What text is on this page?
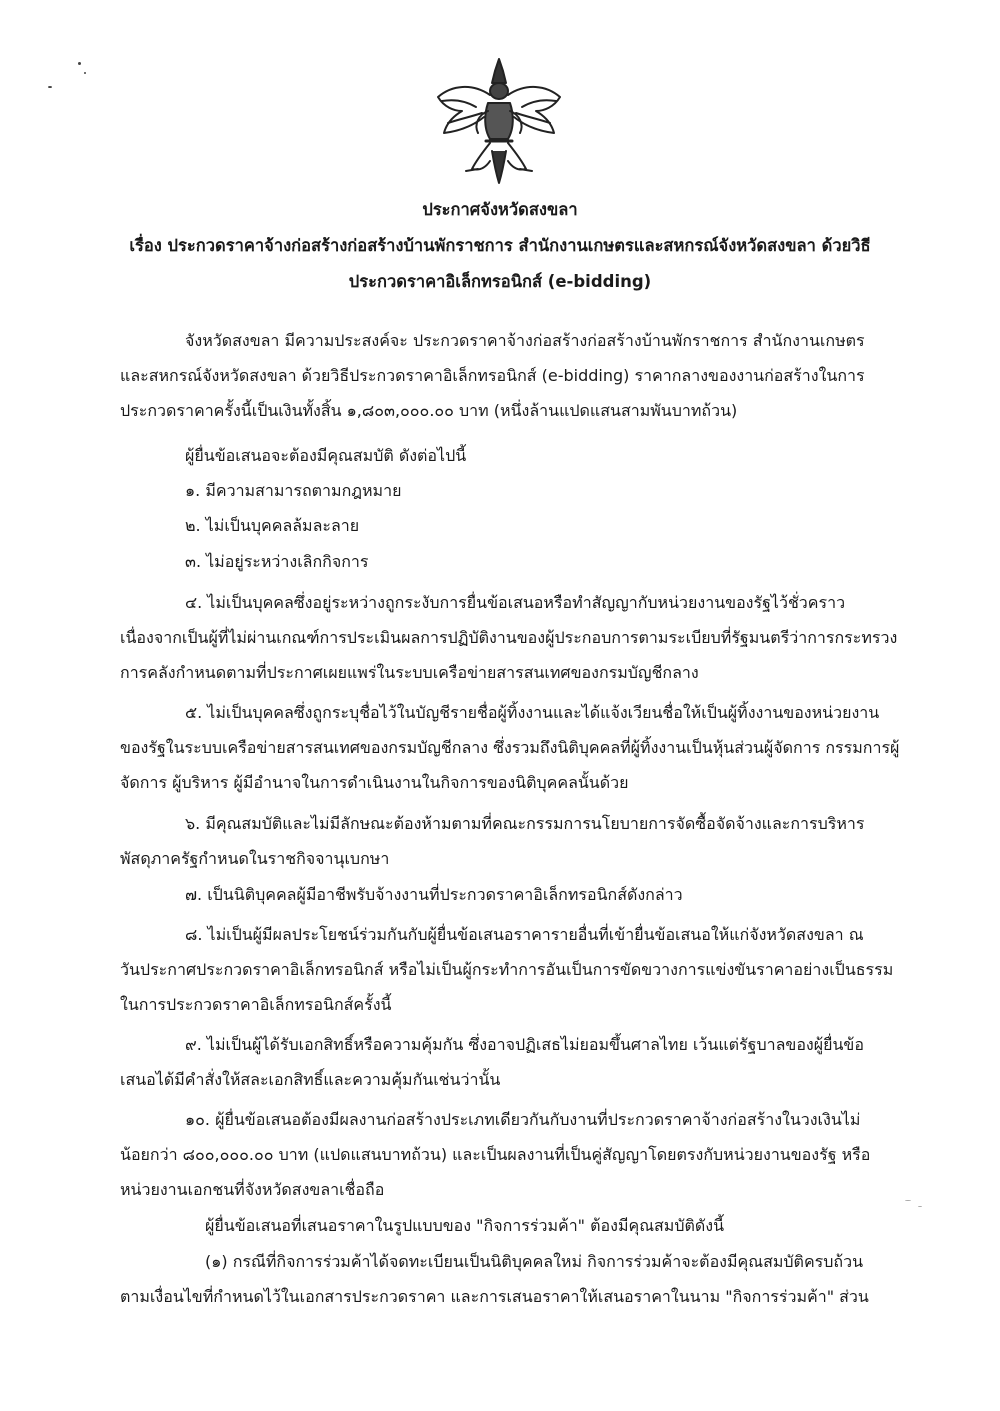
ประกาศจังหวัดสงขลา
เรื่อง ประกวดราคาจ้างก่อสร้างก่อสร้างบ้านพักราชการ สำนักงานเกษตรและสหกรณ์จังหวัดสงขลา ด้วยวิธี
ประกวดราคาอิเล็กทรอนิกส์ (e-bidding)
จังหวัดสงขลา มีความประสงค์จะ ประกวดราคาจ้างก่อสร้างก่อสร้างบ้านพักราชการ สำนักงานเกษตร
และสหกรณ์จังหวัดสงขลา ด้วยวิธีประกวดราคาอิเล็กทรอนิกส์ (e-bidding) ราคากลางของงานก่อสร้างในการ
ประกวดราคาครั้งนี้เป็นเงินทั้งสิ้น ๑,๘๐๓,๐๐๐.๐๐ บาท (หนึ่งล้านแปดแสนสามพันบาทถ้วน)
ผู้ยื่นข้อเสนอจะต้องมีคุณสมบัติ ดังต่อไปนี้
๑. มีความสามารถตามกฎหมาย
๒. ไม่เป็นบุคคลล้มละลาย
๓. ไม่อยู่ระหว่างเลิกกิจการ
๔. ไม่เป็นบุคคลซึ่งอยู่ระหว่างถูกระงับการยื่นข้อเสนอหรือทำสัญญากับหน่วยงานของรัฐไว้ชั่วคราว
เนื่องจากเป็นผู้ที่ไม่ผ่านเกณฑ์การประเมินผลการปฏิบัติงานของผู้ประกอบการตามระเบียบที่รัฐมนตรีว่าการกระทรวง
การคลังกำหนดตามที่ประกาศเผยแพร่ในระบบเครือข่ายสารสนเทศของกรมบัญชีกลาง
๕. ไม่เป็นบุคคลซึ่งถูกระบุชื่อไว้ในบัญชีรายชื่อผู้ทิ้งงานและได้แจ้งเวียนชื่อให้เป็นผู้ทิ้งงานของหน่วยงาน
ของรัฐในระบบเครือข่ายสารสนเทศของกรมบัญชีกลาง ซึ่งรวมถึงนิติบุคคลที่ผู้ทิ้งงานเป็นหุ้นส่วนผู้จัดการ กรรมการผู้
จัดการ ผู้บริหาร ผู้มีอำนาจในการดำเนินงานในกิจการของนิติบุคคลนั้นด้วย
๖. มีคุณสมบัติและไม่มีลักษณะต้องห้ามตามที่คณะกรรมการนโยบายการจัดซื้อจัดจ้างและการบริหาร
พัสดุภาครัฐกำหนดในราชกิจจานุเบกษา
๗. เป็นนิติบุคคลผู้มีอาชีพรับจ้างงานที่ประกวดราคาอิเล็กทรอนิกส์ดังกล่าว
๘. ไม่เป็นผู้มีผลประโยชน์ร่วมกันกับผู้ยื่นข้อเสนอราคารายอื่นที่เข้ายื่นข้อเสนอให้แก่จังหวัดสงขลา ณ
วันประกาศประกวดราคาอิเล็กทรอนิกส์ หรือไม่เป็นผู้กระทำการอันเป็นการขัดขวางการแข่งขันราคาอย่างเป็นธรรม
ในการประกวดราคาอิเล็กทรอนิกส์ครั้งนี้
๙. ไม่เป็นผู้ได้รับเอกสิทธิ์หรือความคุ้มกัน ซึ่งอาจปฏิเสธไม่ยอมขึ้นศาลไทย เว้นแต่รัฐบาลของผู้ยื่นข้อ
เสนอได้มีคำสั่งให้สละเอกสิทธิ์และความคุ้มกันเช่นว่านั้น
๑๐. ผู้ยื่นข้อเสนอต้องมีผลงานก่อสร้างประเภทเดียวกันกับงานที่ประกวดราคาจ้างก่อสร้างในวงเงินไม่
น้อยกว่า ๘๐๐,๐๐๐.๐๐ บาท (แปดแสนบาทถ้วน) และเป็นผลงานที่เป็นคู่สัญญาโดยตรงกับหน่วยงานของรัฐ หรือ
หน่วยงานเอกชนที่จังหวัดสงขลาเชื่อถือ
ผู้ยื่นข้อเสนอที่เสนอราคาในรูปแบบของ "กิจการร่วมค้า" ต้องมีคุณสมบัติดังนี้
(๑) กรณีที่กิจการร่วมค้าได้จดทะเบียนเป็นนิติบุคคลใหม่ กิจการร่วมค้าจะต้องมีคุณสมบัติครบถ้วน
ตามเงื่อนไขที่กำหนดไว้ในเอกสารประกวดราคา และการเสนอราคาให้เสนอราคาในนาม "กิจการร่วมค้า" ส่วน
